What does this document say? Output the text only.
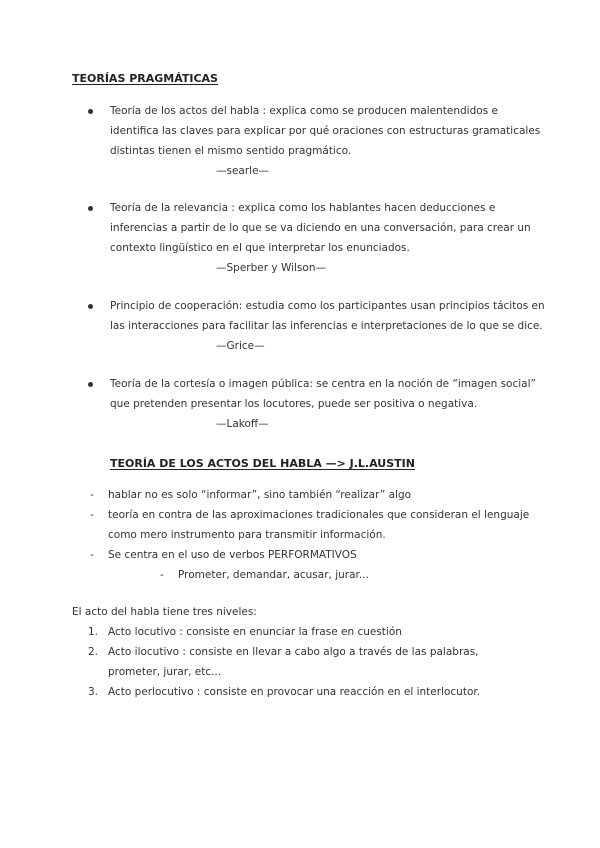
TEORÍAS PRAGMÁTICAS
Teoría de los actos del habla : explica como se producen malentendidos e identifica las claves para explicar por qué oraciones con estructuras gramaticales distintas tienen el mismo sentido pragmático.
—searle—
Teoría de la relevancia : explica como los hablantes hacen deducciones e inferencias a partir de lo que se va diciendo en una conversación, para crear un contexto lingüístico en el que interpretar los enunciados.
—Sperber y Wilson—
Principio de cooperación: estudia como los participantes usan principios tácitos en las interacciones para facilitar las inferencias e interpretaciones de lo que se dice.
—Grice—
Teoría de la cortesía o imagen pública: se centra en la noción de “imagen social” que pretenden presentar los locutores, puede ser positiva o negativa.
—Lakoff—
TEORÍA DE LOS ACTOS DEL HABLA —> J.L.AUSTIN
- hablar no es solo “informar”, sino también “realizar” algo
- teoría en contra de las aproximaciones tradicionales que consideran el lenguaje como mero instrumento para transmitir información.
- Se centra en el uso de verbos PERFORMATIVOS
- Prometer, demandar, acusar, jurar...
El acto del habla tiene tres niveles:
1. Acto locutivo : consiste en enunciar la frase en cuestión
2. Acto ilocutivo : consiste en llevar a cabo algo a través de las palabras, prometer, jurar, etc...
3. Acto perlocutivo : consiste en provocar una reacción en el interlocutor.
